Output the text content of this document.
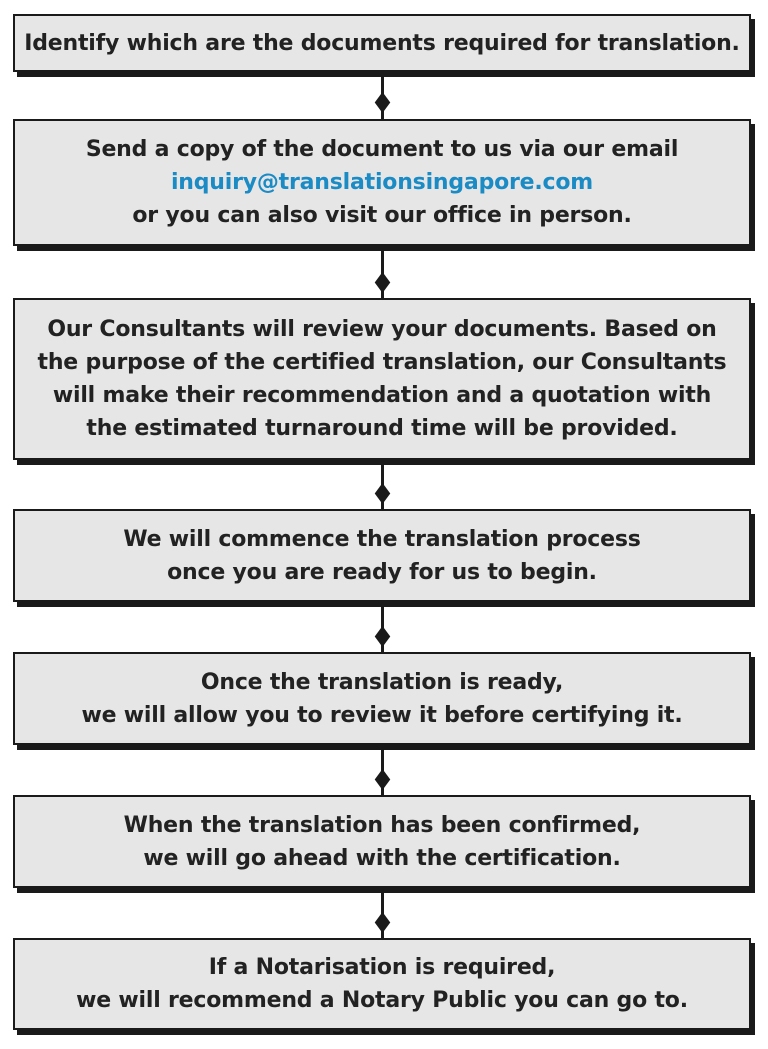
Identify which are the documents required for translation.
Send a copy of the document to us via our email
inquiry@translationsingapore.com
or you can also visit our office in person.
Our Consultants will review your documents. Based on
the purpose of the certified translation, our Consultants
will make their recommendation and a quotation with
the estimated turnaround time will be provided.
We will commence the translation process
once you are ready for us to begin.
Once the translation is ready,
we will allow you to review it before certifying it.
When the translation has been confirmed,
we will go ahead with the certification.
If a Notarisation is required,
we will recommend a Notary Public you can go to.
